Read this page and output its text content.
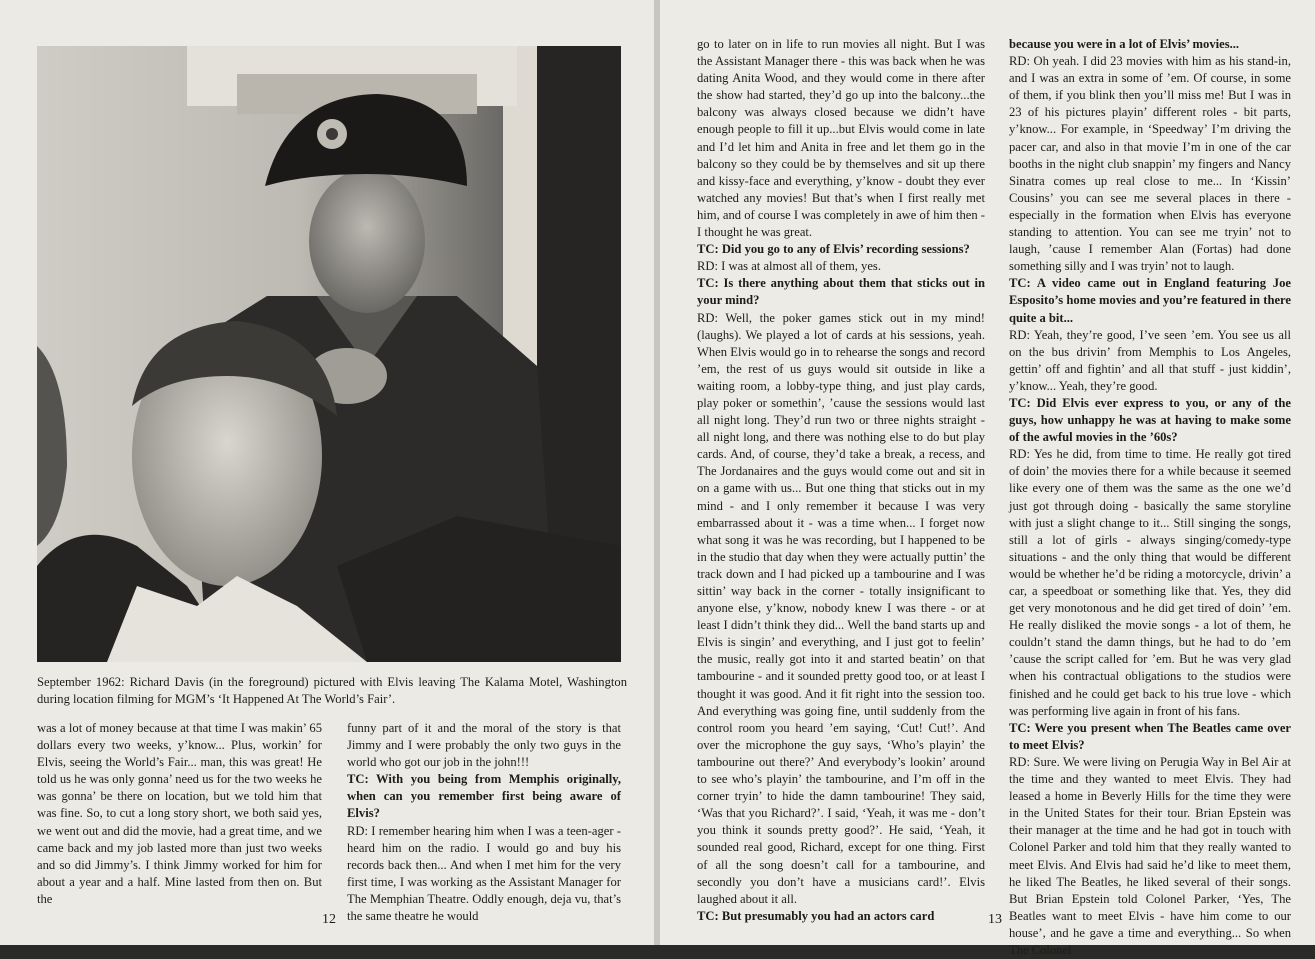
September 1962: Richard Davis (in the foreground) pictured with Elvis leaving The Kalama Motel, Washington during location filming for MGM’s ‘It Happened At The World’s Fair’.

was a lot of money because at that time I was makin’ 65 dollars every two weeks, y’know... Plus, workin’ for Elvis, seeing the World’s Fair... man, this was great! He told us he was only gonna’ need us for the two weeks he was gonna’ be there on location, but we told him that was fine. So, to cut a long story short, we both said yes, we went out and did the movie, had a great time, and we came back and my job lasted more than just two weeks and so did Jimmy’s. I think Jimmy worked for him for about a year and a half. Mine lasted from then on. But the

funny part of it and the moral of the story is that Jimmy and I were probably the only two guys in the world who got our job in the john!!!

TC: With you being from Memphis originally, when can you remember first being aware of Elvis?

RD: I remember hearing him when I was a teen-ager - heard him on the radio. I would go and buy his records back then... And when I met him for the very first time, I was working as the Assistant Manager for The Memphian Theatre. Oddly enough, deja vu, that’s the same theatre he would

12

go to later on in life to run movies all night. But I was the Assistant Manager there - this was back when he was dating Anita Wood, and they would come in there after the show had started, they’d go up into the balcony...the balcony was always closed because we didn’t have enough people to fill it up...but Elvis would come in late and I’d let him and Anita in free and let them go in the balcony so they could be by themselves and sit up there and kissy-face and everything, y’know - doubt they ever watched any movies! But that’s when I first really met him, and of course I was completely in awe of him then - I thought he was great.

TC: Did you go to any of Elvis’ recording sessions?

RD: I was at almost all of them, yes.

TC: Is there anything about them that sticks out in your mind?

RD: Well, the poker games stick out in my mind! (laughs). We played a lot of cards at his sessions, yeah. When Elvis would go in to rehearse the songs and record ’em, the rest of us guys would sit outside in like a waiting room, a lobby-type thing, and just play cards, play poker or somethin’, ’cause the sessions would last all night long. They’d run two or three nights straight - all night long, and there was nothing else to do but play cards. And, of course, they’d take a break, a recess, and The Jordanaires and the guys would come out and sit in on a game with us... But one thing that sticks out in my mind - and I only remember it because I was very embarrassed about it - was a time when... I forget now what song it was he was recording, but I happened to be in the studio that day when they were actually puttin’ the track down and I had picked up a tambourine and I was sittin’ way back in the corner - totally insignificant to anyone else, y’know, nobody knew I was there - or at least I didn’t think they did... Well the band starts up and Elvis is singin’ and everything, and I just got to feelin’ the music, really got into it and started beatin’ on that tambourine - and it sounded pretty good too, or at least I thought it was good. And it fit right into the session too. And everything was going fine, until suddenly from the control room you heard ’em saying, ‘Cut! Cut!’. And over the microphone the guy says, ‘Who’s playin’ the tambourine out there?’ And everybody’s lookin’ around to see who’s playin’ the tambourine, and I’m off in the corner tryin’ to hide the damn tambourine! They said, ‘Was that you Richard?’. I said, ‘Yeah, it was me - don’t you think it sounds pretty good?’. He said, ‘Yeah, it sounded real good, Richard, except for one thing. First of all the song doesn’t call for a tambourine, and secondly you don’t have a musicians card!’. Elvis laughed about it all.

TC: But presumably you had an actors card

because you were in a lot of Elvis’ movies...

RD: Oh yeah. I did 23 movies with him as his stand-in, and I was an extra in some of ’em. Of course, in some of them, if you blink then you’ll miss me! But I was in 23 of his pictures playin’ different roles - bit parts, y’know... For example, in ‘Speedway’ I’m driving the pacer car, and also in that movie I’m in one of the car booths in the night club snappin’ my fingers and Nancy Sinatra comes up real close to me... In ‘Kissin’ Cousins’ you can see me several places in there - especially in the formation when Elvis has everyone standing to attention. You can see me tryin’ not to laugh, ’cause I remember Alan (Fortas) had done something silly and I was tryin’ not to laugh.

TC: A video came out in England featuring Joe Esposito’s home movies and you’re featured in there quite a bit...

RD: Yeah, they’re good, I’ve seen ’em. You see us all on the bus drivin’ from Memphis to Los Angeles, gettin’ off and fightin’ and all that stuff - just kiddin’, y’know... Yeah, they’re good.

TC: Did Elvis ever express to you, or any of the guys, how unhappy he was at having to make some of the awful movies in the ’60s?

RD: Yes he did, from time to time. He really got tired of doin’ the movies there for a while because it seemed like every one of them was the same as the one we’d just got through doing - basically the same storyline with just a slight change to it... Still singing the songs, still a lot of girls - always singing/comedy-type situations - and the only thing that would be different would be whether he’d be riding a motorcycle, drivin’ a car, a speedboat or something like that. Yes, they did get very monotonous and he did get tired of doin’ ’em. He really disliked the movie songs - a lot of them, he couldn’t stand the damn things, but he had to do ’em ’cause the script called for ’em. But he was very glad when his contractual obligations to the studios were finished and he could get back to his true love - which was performing live again in front of his fans.

TC: Were you present when The Beatles came over to meet Elvis?

RD: Sure. We were living on Perugia Way in Bel Air at the time and they wanted to meet Elvis. They had leased a home in Beverly Hills for the time they were in the United States for their tour. Brian Epstein was their manager at the time and he had got in touch with Colonel Parker and told him that they really wanted to meet Elvis. And Elvis had said he’d like to meet them, he liked The Beatles, he liked several of their songs. But Brian Epstein told Colonel Parker, ‘Yes, The Beatles want to meet Elvis - have him come to our house’, and he gave a time and everything... So when The Colonel

13
